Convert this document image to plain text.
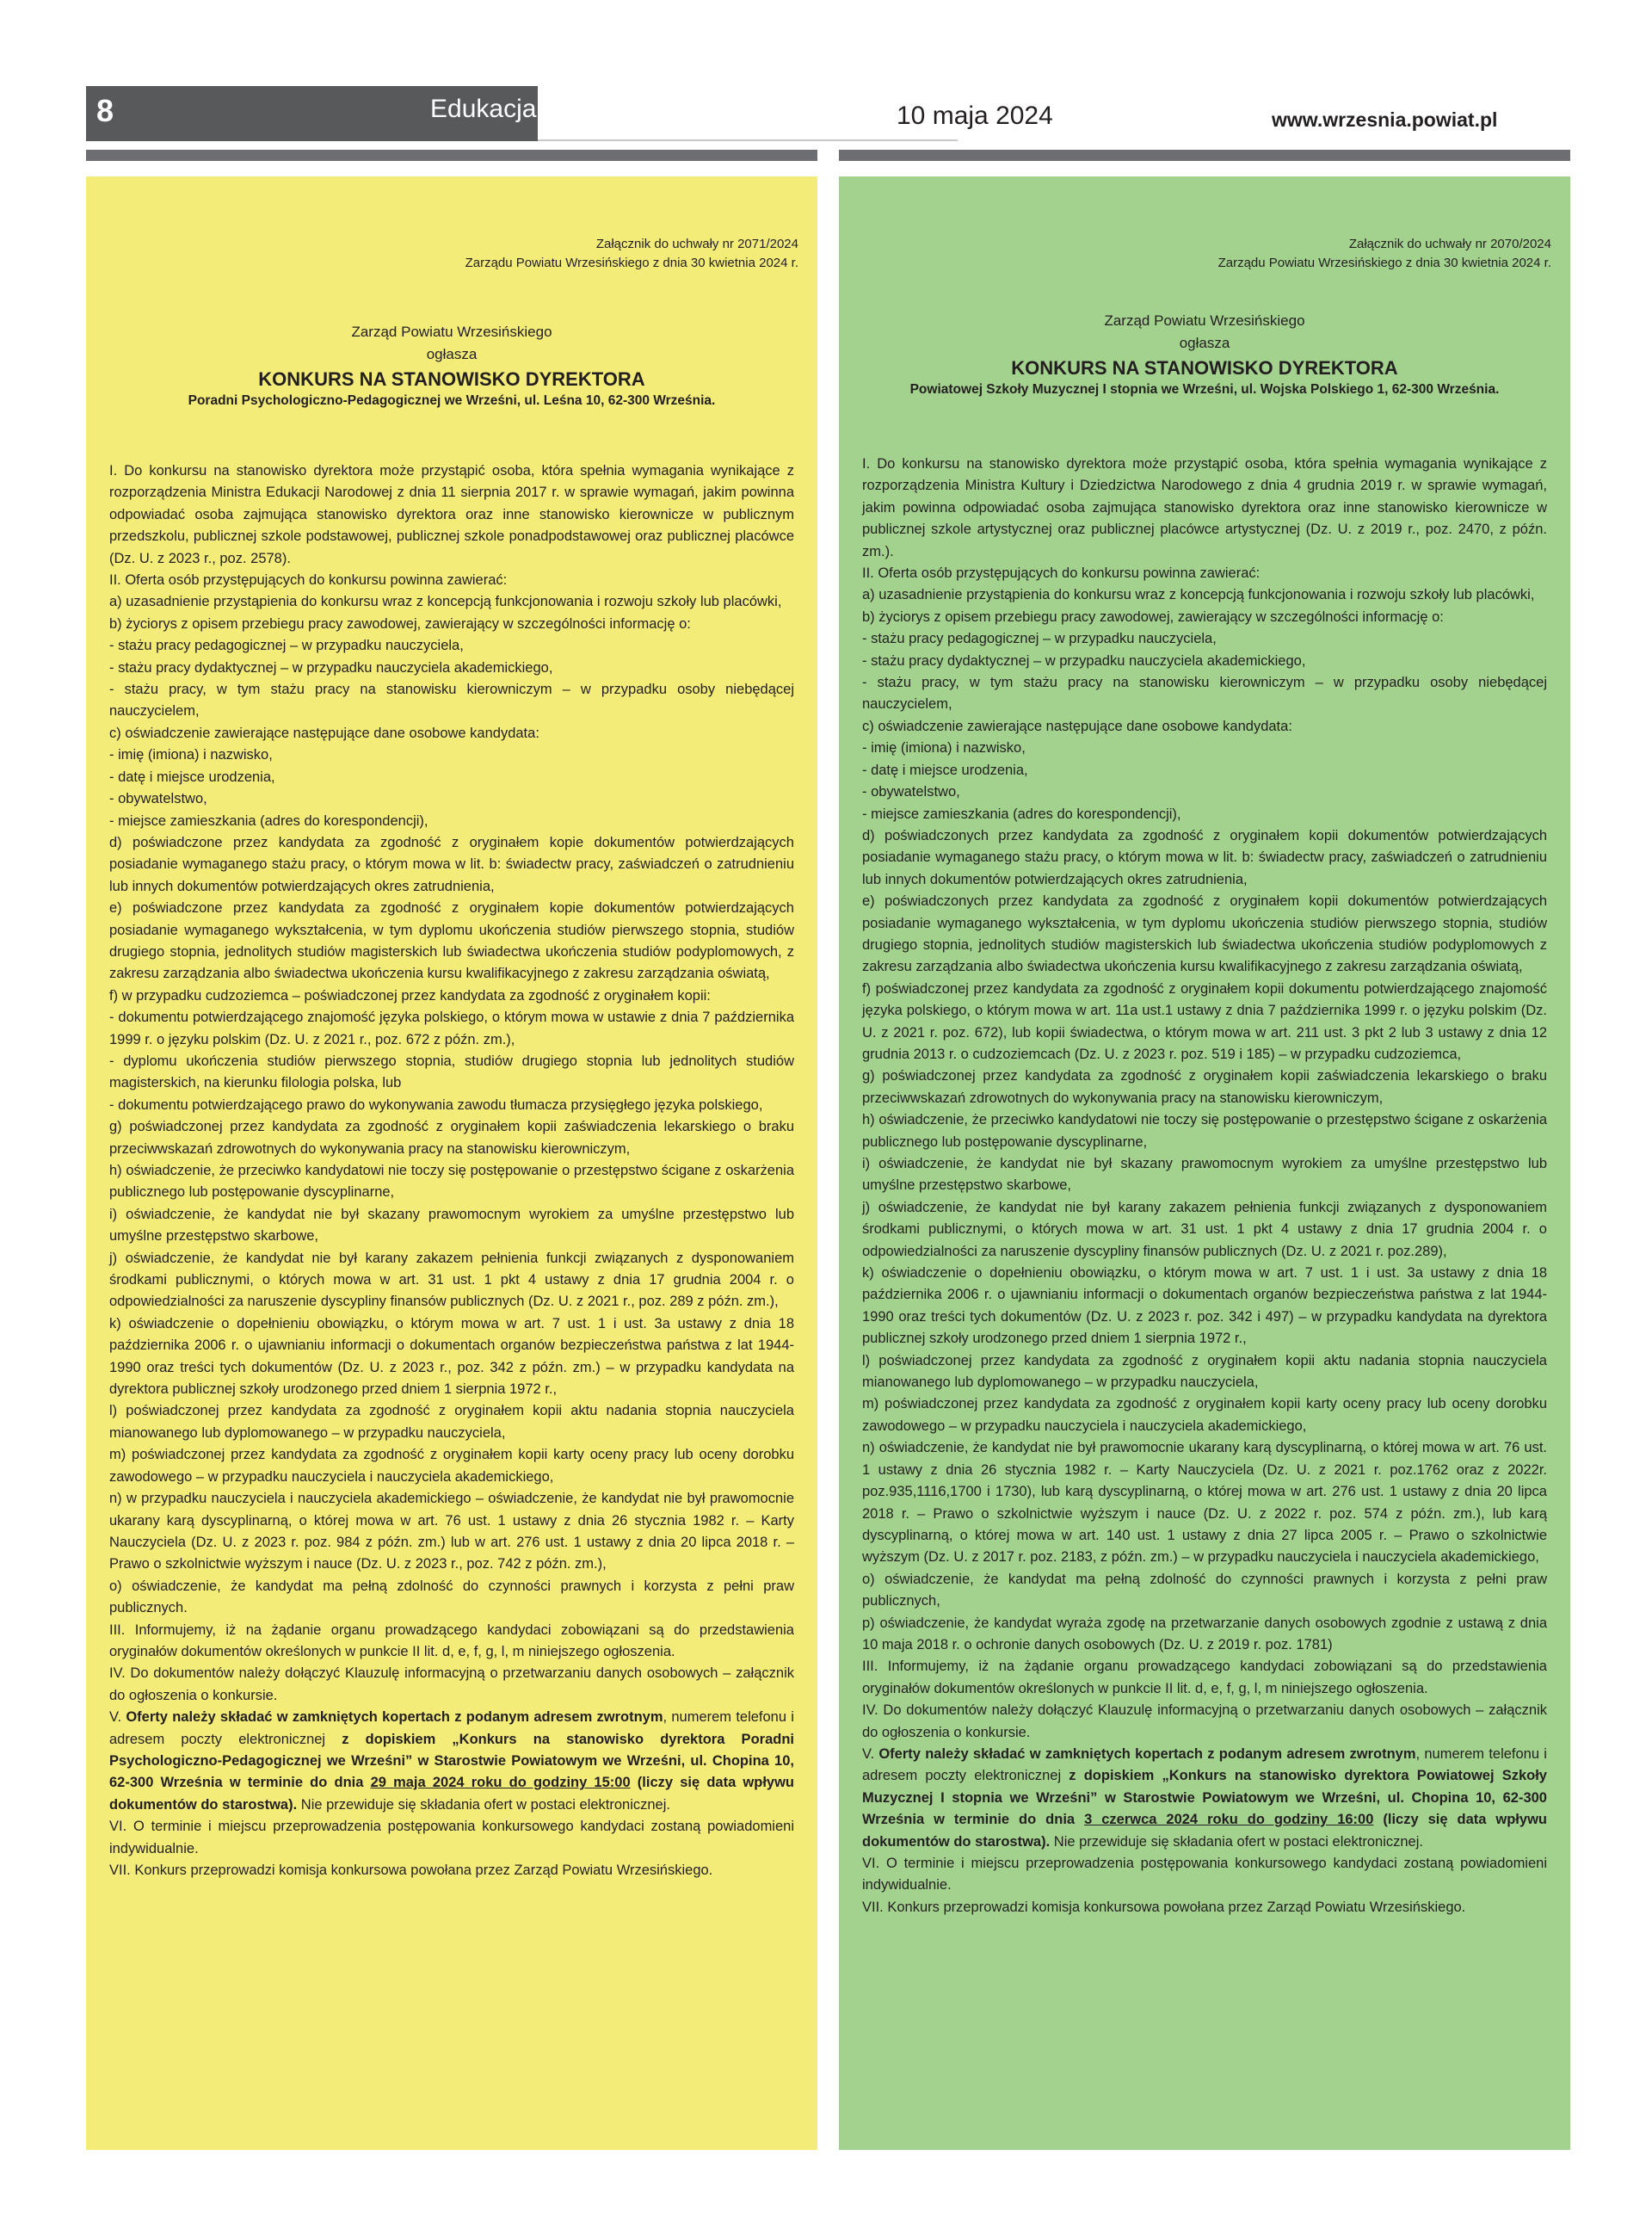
8	Edukacja	10 maja 2024	www.wrzesnia.powiat.pl
Załącznik do uchwały nr 2071/2024
Zarządu Powiatu Wrzesińskiego z dnia 30 kwietnia 2024 r.
Zarząd Powiatu Wrzesińskiego
ogłasza
KONKURS NA STANOWISKO DYREKTORA
Poradni Psychologiczno-Pedagogicznej we Wrześni, ul. Leśna 10, 62-300 Września.

I. Do konkursu na stanowisko dyrektora może przystąpić osoba, która spełnia wymagania wynikające z rozporządzenia Ministra Edukacji Narodowej z dnia 11 sierpnia 2017 r. w sprawie wymagań, jakim powinna odpowiadać osoba zajmująca stanowisko dyrektora oraz inne stanowisko kierownicze w publicznym przedszkolu, publicznej szkole podstawowej, publicznej szkole ponadpodstawowej oraz publicznej placówce (Dz. U. z 2023 r., poz. 2578).

II. Oferta osób przystępujących do konkursu powinna zawierać:

a) uzasadnienie przystąpienia do konkursu wraz z koncepcją funkcjonowania i rozwoju szkoły lub placówki,

b) życiorys z opisem przebiegu pracy zawodowej, zawierający w szczególności informację o:

- stażu pracy pedagogicznej – w przypadku nauczyciela,

- stażu pracy dydaktycznej – w przypadku nauczyciela akademickiego,

- stażu pracy, w tym stażu pracy na stanowisku kierowniczym – w przypadku osoby niebędącej nauczycielem,

c) oświadczenie zawierające następujące dane osobowe kandydata:

- imię (imiona) i nazwisko,

- datę i miejsce urodzenia,

- obywatelstwo,

- miejsce zamieszkania (adres do korespondencji),

d) poświadczone przez kandydata za zgodność z oryginałem kopie dokumentów potwierdzających posiadanie wymaganego stażu pracy, o którym mowa w lit. b: świadectw pracy, zaświadczeń o zatrudnieniu lub innych dokumentów potwierdzających okres zatrudnienia,

e) poświadczone przez kandydata za zgodność z oryginałem kopie dokumentów potwierdzających posiadanie wymaganego wykształcenia, w tym dyplomu ukończenia studiów pierwszego stopnia, studiów drugiego stopnia, jednolitych studiów magisterskich lub świadectwa ukończenia studiów podyplomowych, z zakresu zarządzania albo świadectwa ukończenia kursu kwalifikacyjnego z zakresu zarządzania oświatą,

f) w przypadku cudzoziemca – poświadczonej przez kandydata za zgodność z oryginałem kopii:

- dokumentu potwierdzającego znajomość języka polskiego, o którym mowa w ustawie z dnia 7 października 1999 r. o języku polskim (Dz. U. z 2021 r., poz. 672 z późn. zm.),

- dyplomu ukończenia studiów pierwszego stopnia, studiów drugiego stopnia lub jednolitych studiów magisterskich, na kierunku filologia polska, lub

- dokumentu potwierdzającego prawo do wykonywania zawodu tłumacza przysięgłego języka polskiego,

g) poświadczonej przez kandydata za zgodność z oryginałem kopii zaświadczenia lekarskiego o braku przeciwwskazań zdrowotnych do wykonywania pracy na stanowisku kierowniczym,

h) oświadczenie, że przeciwko kandydatowi nie toczy się postępowanie o przestępstwo ścigane z oskarżenia publicznego lub postępowanie dyscyplinarne,

i) oświadczenie, że kandydat nie był skazany prawomocnym wyrokiem za umyślne przestępstwo lub umyślne przestępstwo skarbowe,

j) oświadczenie, że kandydat nie był karany zakazem pełnienia funkcji związanych z dysponowaniem środkami publicznymi, o których mowa w art. 31 ust. 1 pkt 4 ustawy z dnia 17 grudnia 2004 r. o odpowiedzialności za naruszenie dyscypliny finansów publicznych (Dz. U. z 2021 r., poz. 289 z późn. zm.),

k) oświadczenie o dopełnieniu obowiązku, o którym mowa w art. 7 ust. 1 i ust. 3a ustawy z dnia 18 października 2006 r. o ujawnianiu informacji o dokumentach organów bezpieczeństwa państwa z lat 1944-1990 oraz treści tych dokumentów (Dz. U. z 2023 r., poz. 342 z późn. zm.) – w przypadku kandydata na dyrektora publicznej szkoły urodzonego przed dniem 1 sierpnia 1972 r.,

l) poświadczonej przez kandydata za zgodność z oryginałem kopii aktu nadania stopnia nauczyciela mianowanego lub dyplomowanego – w przypadku nauczyciela,

m) poświadczonej przez kandydata za zgodność z oryginałem kopii karty oceny pracy lub oceny dorobku zawodowego – w przypadku nauczyciela i nauczyciela akademickiego,

n) w przypadku nauczyciela i nauczyciela akademickiego – oświadczenie, że kandydat nie był prawomocnie ukarany karą dyscyplinarną, o której mowa w art. 76 ust. 1 ustawy z dnia 26 stycznia 1982 r. – Karty Nauczyciela (Dz. U. z 2023 r. poz. 984 z późn. zm.) lub w art. 276 ust. 1 ustawy z dnia 20 lipca 2018 r. – Prawo o szkolnictwie wyższym i nauce (Dz. U. z 2023 r., poz. 742 z późn. zm.),

o) oświadczenie, że kandydat ma pełną zdolność do czynności prawnych i korzysta z pełni praw publicznych.

III. Informujemy, iż na żądanie organu prowadzącego kandydaci zobowiązani są do przedstawienia oryginałów dokumentów określonych w punkcie II lit. d, e, f, g, l, m niniejszego ogłoszenia.

IV. Do dokumentów należy dołączyć Klauzulę informacyjną o przetwarzaniu danych osobowych – załącznik do ogłoszenia o konkursie.

V. Oferty należy składać w zamkniętych kopertach z podanym adresem zwrotnym, numerem telefonu i adresem poczty elektronicznej z dopiskiem „Konkurs na stanowisko dyrektora Poradni Psychologiczno-Pedagogicznej we Wrześni” w Starostwie Powiatowym we Wrześni, ul. Chopina 10, 62-300 Września w terminie do dnia 29 maja 2024 roku do godziny 15:00 (liczy się data wpływu dokumentów do starostwa). Nie przewiduje się składania ofert w postaci elektronicznej.

VI. O terminie i miejscu przeprowadzenia postępowania konkursowego kandydaci zostaną powiadomieni indywidualnie.

VII. Konkurs przeprowadzi komisja konkursowa powołana przez Zarząd Powiatu Wrzesińskiego.

Załącznik do uchwały nr 2070/2024
Zarządu Powiatu Wrzesińskiego z dnia 30 kwietnia 2024 r.
Zarząd Powiatu Wrzesińskiego
ogłasza
KONKURS NA STANOWISKO DYREKTORA
Powiatowej Szkoły Muzycznej I stopnia we Wrześni, ul. Wojska Polskiego 1, 62-300 Września.

I. Do konkursu na stanowisko dyrektora może przystąpić osoba, która spełnia wymagania wynikające z rozporządzenia Ministra Kultury i Dziedzictwa Narodowego z dnia 4 grudnia 2019 r. w sprawie wymagań, jakim powinna odpowiadać osoba zajmująca stanowisko dyrektora oraz inne stanowisko kierownicze w publicznej szkole artystycznej oraz publicznej placówce artystycznej (Dz. U. z 2019 r., poz. 2470, z późn. zm.).

II. Oferta osób przystępujących do konkursu powinna zawierać:

a) uzasadnienie przystąpienia do konkursu wraz z koncepcją funkcjonowania i rozwoju szkoły lub placówki,

b) życiorys z opisem przebiegu pracy zawodowej, zawierający w szczególności informację o:

- stażu pracy pedagogicznej – w przypadku nauczyciela,

- stażu pracy dydaktycznej – w przypadku nauczyciela akademickiego,

- stażu pracy, w tym stażu pracy na stanowisku kierowniczym – w przypadku osoby niebędącej nauczycielem,

c) oświadczenie zawierające następujące dane osobowe kandydata:

- imię (imiona) i nazwisko,

- datę i miejsce urodzenia,

- obywatelstwo,

- miejsce zamieszkania (adres do korespondencji),

d) poświadczonych przez kandydata za zgodność z oryginałem kopii dokumentów potwierdzających posiadanie wymaganego stażu pracy, o którym mowa w lit. b: świadectw pracy, zaświadczeń o zatrudnieniu lub innych dokumentów potwierdzających okres zatrudnienia,

e) poświadczonych przez kandydata za zgodność z oryginałem kopii dokumentów potwierdzających posiadanie wymaganego wykształcenia, w tym dyplomu ukończenia studiów pierwszego stopnia, studiów drugiego stopnia, jednolitych studiów magisterskich lub świadectwa ukończenia studiów podyplomowych z zakresu zarządzania albo świadectwa ukończenia kursu kwalifikacyjnego z zakresu zarządzania oświatą,

f) poświadczonej przez kandydata za zgodność z oryginałem kopii dokumentu potwierdzającego znajomość języka polskiego, o którym mowa w art. 11a ust.1 ustawy z dnia 7 października 1999 r. o języku polskim (Dz. U. z 2021 r. poz. 672), lub kopii świadectwa, o którym mowa w art. 211 ust. 3 pkt 2 lub 3 ustawy z dnia 12 grudnia 2013 r. o cudzoziemcach (Dz. U. z 2023 r. poz. 519 i 185) – w przypadku cudzoziemca,

g) poświadczonej przez kandydata za zgodność z oryginałem kopii zaświadczenia lekarskiego o braku przeciwwskazań zdrowotnych do wykonywania pracy na stanowisku kierowniczym,

h) oświadczenie, że przeciwko kandydatowi nie toczy się postępowanie o przestępstwo ścigane z oskarżenia publicznego lub postępowanie dyscyplinarne,

i) oświadczenie, że kandydat nie był skazany prawomocnym wyrokiem za umyślne przestępstwo lub umyślne przestępstwo skarbowe,

j) oświadczenie, że kandydat nie był karany zakazem pełnienia funkcji związanych z dysponowaniem środkami publicznymi, o których mowa w art. 31 ust. 1 pkt 4 ustawy z dnia 17 grudnia 2004 r. o odpowiedzialności za naruszenie dyscypliny finansów publicznych (Dz. U. z 2021 r. poz.289),

k) oświadczenie o dopełnieniu obowiązku, o którym mowa w art. 7 ust. 1 i ust. 3a ustawy z dnia 18 października 2006 r. o ujawnianiu informacji o dokumentach organów bezpieczeństwa państwa z lat 1944-1990 oraz treści tych dokumentów (Dz. U. z 2023 r. poz. 342 i 497) – w przypadku kandydata na dyrektora publicznej szkoły urodzonego przed dniem 1 sierpnia 1972 r.,

l) poświadczonej przez kandydata za zgodność z oryginałem kopii aktu nadania stopnia nauczyciela mianowanego lub dyplomowanego – w przypadku nauczyciela,

m) poświadczonej przez kandydata za zgodność z oryginałem kopii karty oceny pracy lub oceny dorobku zawodowego – w przypadku nauczyciela i nauczyciela akademickiego,

n) oświadczenie, że kandydat nie był prawomocnie ukarany karą dyscyplinarną, o której mowa w art. 76 ust. 1 ustawy z dnia 26 stycznia 1982 r. – Karty Nauczyciela (Dz. U. z 2021 r. poz.1762 oraz z 2022r. poz.935,1116,1700 i 1730), lub karą dyscyplinarną, o której mowa w art. 276 ust. 1 ustawy z dnia 20 lipca 2018 r. – Prawo o szkolnictwie wyższym i nauce (Dz. U. z 2022 r. poz. 574 z późn. zm.), lub karą dyscyplinarną, o której mowa w art. 140 ust. 1 ustawy z dnia 27 lipca 2005 r. – Prawo o szkolnictwie wyższym (Dz. U. z 2017 r. poz. 2183, z późn. zm.) – w przypadku nauczyciela i nauczyciela akademickiego,

o) oświadczenie, że kandydat ma pełną zdolność do czynności prawnych i korzysta z pełni praw publicznych,

p) oświadczenie, że kandydat wyraża zgodę na przetwarzanie danych osobowych zgodnie z ustawą z dnia 10 maja 2018 r. o ochronie danych osobowych (Dz. U. z 2019 r. poz. 1781)

III. Informujemy, iż na żądanie organu prowadzącego kandydaci zobowiązani są do przedstawienia oryginałów dokumentów określonych w punkcie II lit. d, e, f, g, l, m niniejszego ogłoszenia.

IV. Do dokumentów należy dołączyć Klauzulę informacyjną o przetwarzaniu danych osobowych – załącznik do ogłoszenia o konkursie.

V. Oferty należy składać w zamkniętych kopertach z podanym adresem zwrotnym, numerem telefonu i adresem poczty elektronicznej z dopiskiem „Konkurs na stanowisko dyrektora Powiatowej Szkoły Muzycznej I stopnia we Wrześni” w Starostwie Powiatowym we Wrześni, ul. Chopina 10, 62-300 Września w terminie do dnia 3 czerwca 2024 roku do godziny 16:00 (liczy się data wpływu dokumentów do starostwa). Nie przewiduje się składania ofert w postaci elektronicznej.

VI. O terminie i miejscu przeprowadzenia postępowania konkursowego kandydaci zostaną powiadomieni indywidualnie.

VII. Konkurs przeprowadzi komisja konkursowa powołana przez Zarząd Powiatu Wrzesińskiego.
